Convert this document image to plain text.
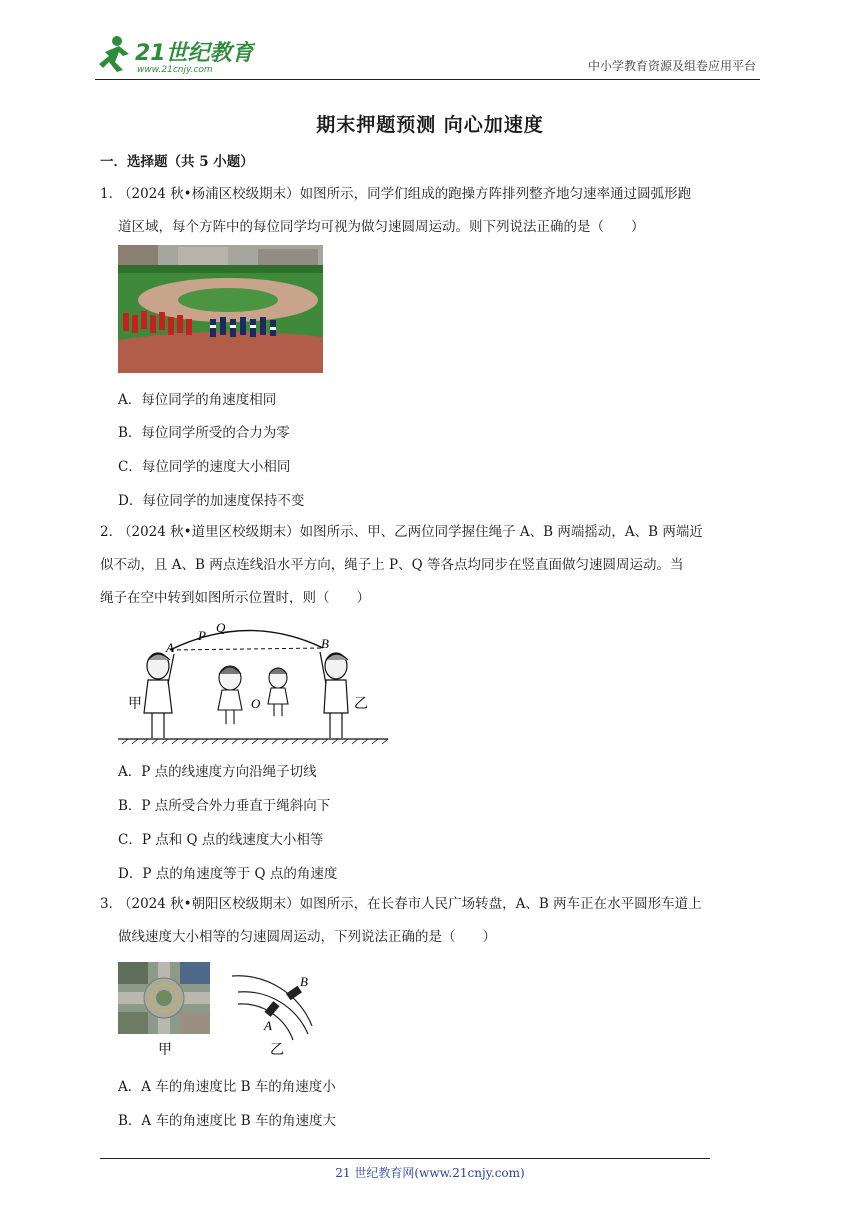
21世纪教育
www.21cnjy.com	中小学教育资源及组卷应用平台
期末押题预测 向心加速度
一．选择题（共 5 小题）
1．（2024 秋•杨浦区校级期末）如图所示，同学们组成的跑操方阵排列整齐地匀速率通过圆弧形跑
道区域，每个方阵中的每位同学均可视为做匀速圆周运动。则下列说法正确的是（　　）
A．每位同学的角速度相同
B．每位同学所受的合力为零
C．每位同学的速度大小相同
D．每位同学的加速度保持不变
2．（2024 秋•道里区校级期末）如图所示、甲、乙两位同学握住绳子 A、B 两端摇动，A、B 两端近
似不动，且 A、B 两点连线沿水平方向，绳子上 P、Q 等各点均同步在竖直面做匀速圆周运动。当
绳子在空中转到如图所示位置时，则（　　）
A
P
Q
B
O
甲	乙
A．P 点的线速度方向沿绳子切线
B．P 点所受合外力垂直于绳斜向下
C．P 点和 Q 点的线速度大小相等
D．P 点的角速度等于 Q 点的角速度
3．（2024 秋•朝阳区校级期末）如图所示，在长春市人民广场转盘，A、B 两车正在水平圆形车道上
做线速度大小相等的匀速圆周运动，下列说法正确的是（　　）
A
B
甲	乙
A．A 车的角速度比 B 车的角速度小
B．A 车的角速度比 B 车的角速度大
21 世纪教育网(www.21cnjy.com)
